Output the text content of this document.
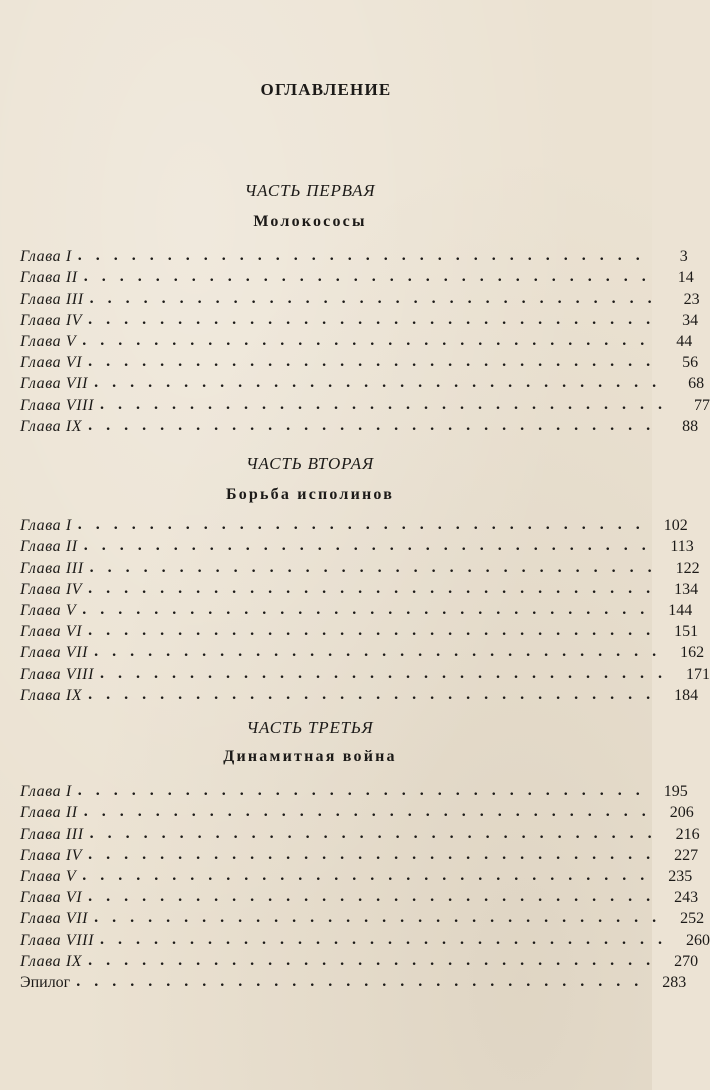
ОГЛАВЛЕНИЕ
ЧАСТЬ ПЕРВАЯ
Молокососы
Глава I ................................	3
Глава II ................................	14
Глава III ................................	23
Глава IV ................................	34
Глава V ................................	44
Глава VI ................................	56
Глава VII ................................	68
Глава VIII ................................	77
Глава IX ................................	88
ЧАСТЬ ВТОРАЯ
Борьба исполинов
Глава I ................................ 102
Глава II ................................ 113
Глава III ................................ 122
Глава IV ................................ 134
Глава V ................................ 144
Глава VI ................................ 151
Глава VII ................................ 162
Глава VIII ................................ 171
Глава IX ................................ 184
ЧАСТЬ ТРЕТЬЯ
Динамитная война
Глава I ................................ 195
Глава II ................................ 206
Глава III ................................ 216
Глава IV ................................ 227
Глава V ................................ 235
Глава VI ................................ 243
Глава VII ................................ 252
Глава VIII ................................ 260
Глава IX ................................ 270
Эпилог ................................ 283
